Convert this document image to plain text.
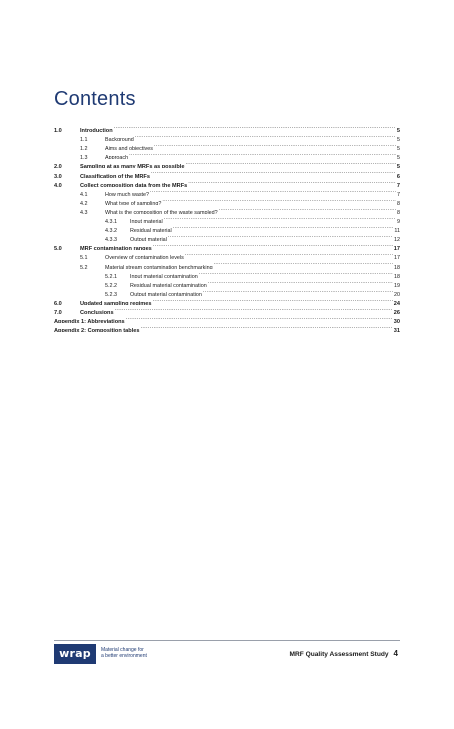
Contents
1.0	Introduction .....	5
1.1	Background .....	5
1.2	Aims and objectives .....	5
1.3	Approach .....	5
2.0	Sampling at as many MRFs as possible .....	5
3.0	Classification of the MRFs .....	6
4.0	Collect composition data from the MRFs .....	7
4.1	How much waste? .....	7
4.2	What type of sampling? .....	8
4.3	What is the composition of the waste sampled? .....	8
4.3.1	Input material .....	9
4.3.2	Residual material .....	11
4.3.3	Output material .....	12
5.0	MRF contamination ranges .....	17
5.1	Overview of contamination levels .....	17
5.2	Material stream contamination benchmarking .....	18
5.2.1	Input material contamination .....	18
5.2.2	Residual material contamination .....	19
5.2.3	Output material contamination .....	20
6.0	Updated sampling regimes .....	24
7.0	Conclusions .....	26
Appendix 1: Abbreviations .....	30
Appendix 2: Composition tables .....	31
wrap	Material change for
a better environment	MRF Quality Assessment Study 4
